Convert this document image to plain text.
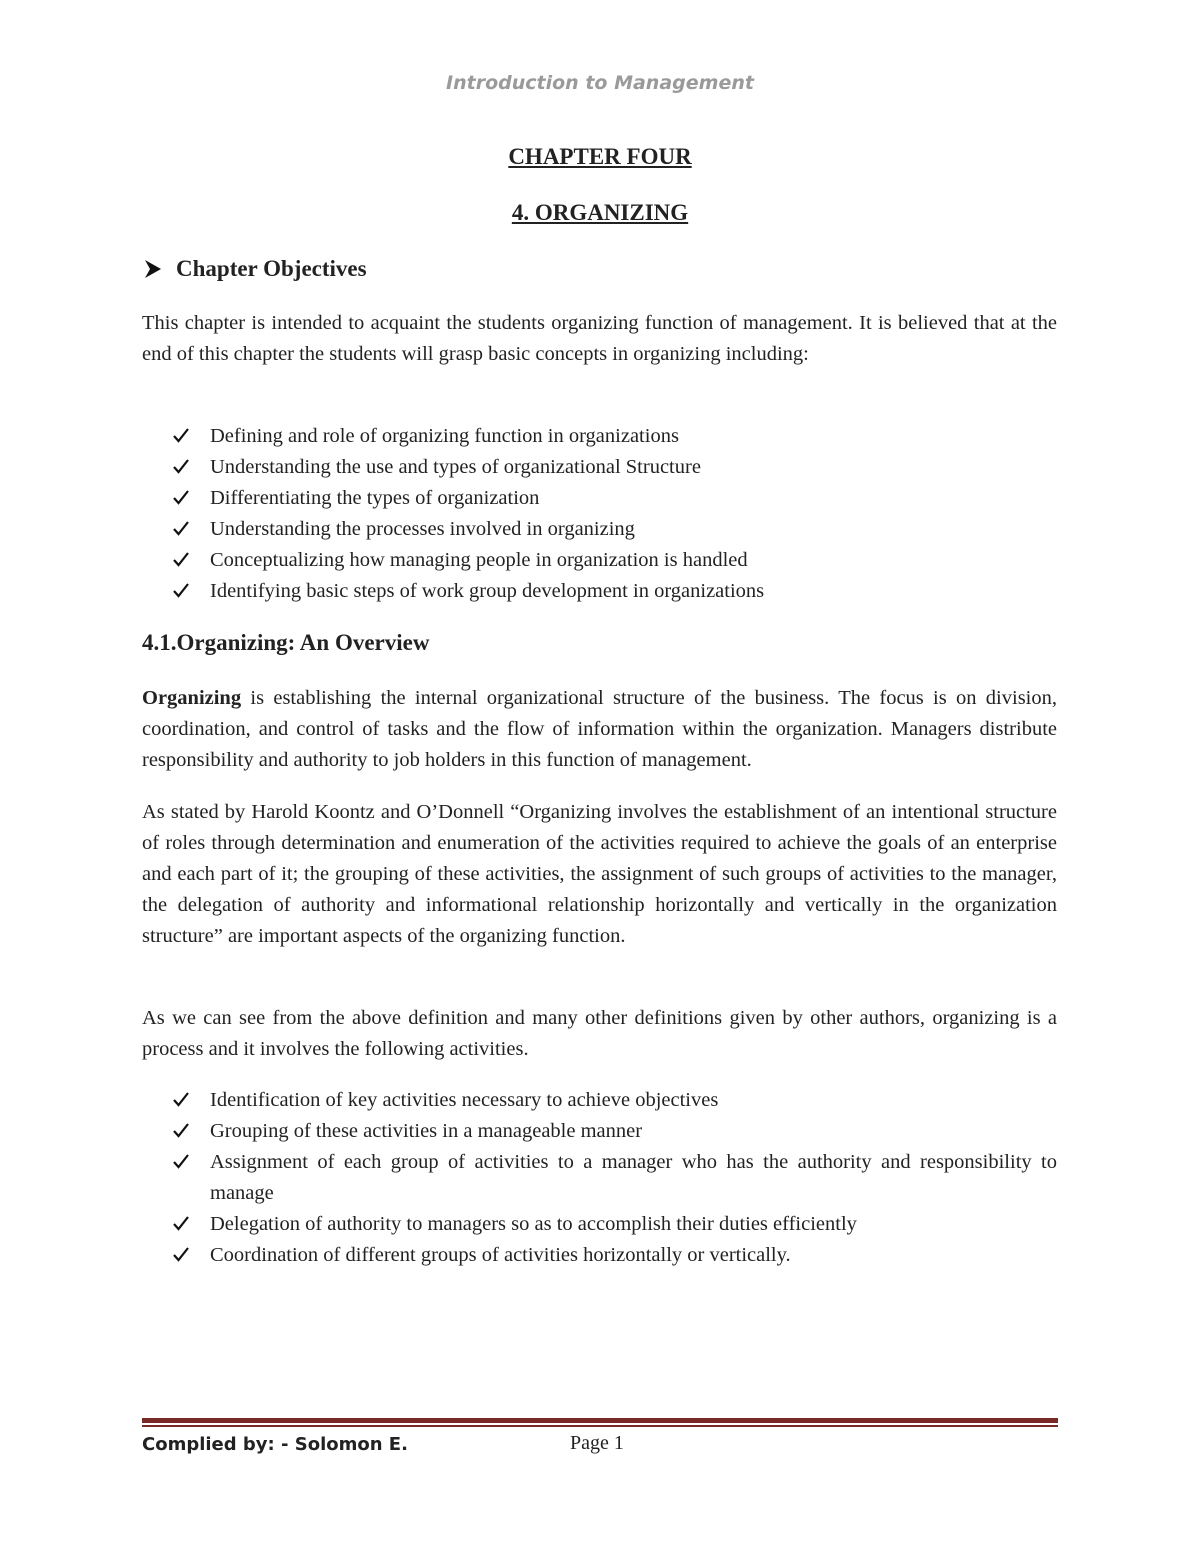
Introduction to Management
CHAPTER FOUR
4. ORGANIZING
Chapter Objectives
This chapter is intended to acquaint the students organizing function of management. It is believed that at the end of this chapter the students will grasp basic concepts in organizing including:
Defining and role of organizing function in organizations
Understanding the use and types of organizational Structure
Differentiating the types of organization
Understanding the processes involved in organizing
Conceptualizing how managing people in organization is handled
Identifying basic steps of work group development in organizations
4.1.Organizing: An Overview
Organizing is establishing the internal organizational structure of the business. The focus is on division, coordination, and control of tasks and the flow of information within the organization. Managers distribute responsibility and authority to job holders in this function of management.
As stated by Harold Koontz and O’Donnell “Organizing involves the establishment of an intentional structure of roles through determination and enumeration of the activities required to achieve the goals of an enterprise and each part of it; the grouping of these activities, the assignment of such groups of activities to the manager, the delegation of authority and informational relationship horizontally and vertically in the organization structure” are important aspects of the organizing function.
As we can see from the above definition and many other definitions given by other authors, organizing is a process and it involves the following activities.
Identification of key activities necessary to achieve objectives
Grouping of these activities in a manageable manner
Assignment of each group of activities to a manager who has the authority and responsibility to manage
Delegation of authority to managers so as to accomplish their duties efficiently
Coordination of different groups of activities horizontally or vertically.
Complied by: - Solomon E.	Page 1
